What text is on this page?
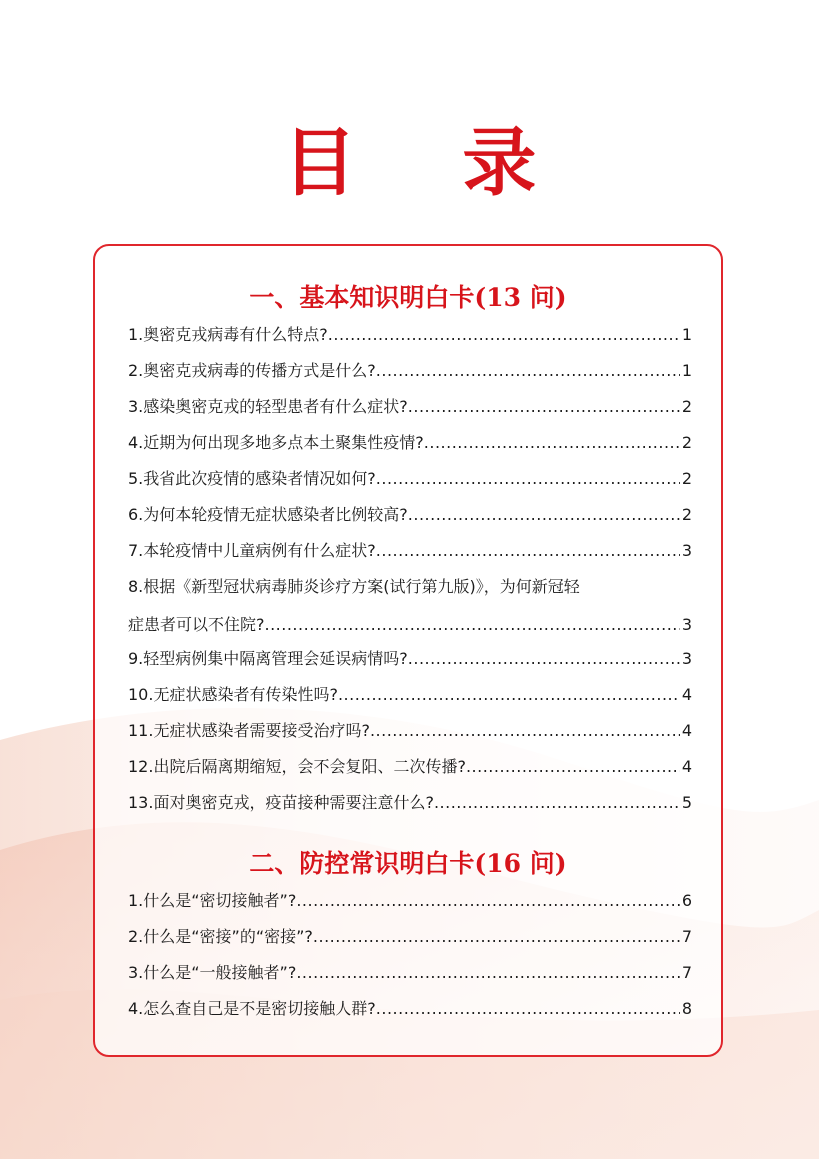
目 录
一、基本知识明白卡(13 问)
1.奥密克戎病毒有什么特点? .....	1
2.奥密克戎病毒的传播方式是什么? .....	1
3.感染奥密克戎的轻型患者有什么症状? .....	2
4.近期为何出现多地多点本土聚集性疫情? .....	2
5.我省此次疫情的感染者情况如何? .....	2
6.为何本轮疫情无症状感染者比例较高? .....	2
7.本轮疫情中儿童病例有什么症状? .....	3
8.根据《新型冠状病毒肺炎诊疗方案(试行第九版)》，为何新冠轻
症患者可以不住院? .....	3
9.轻型病例集中隔离管理会延误病情吗? .....	3
10.无症状感染者有传染性吗? .....	4
11.无症状感染者需要接受治疗吗? .....	4
12.出院后隔离期缩短，会不会复阳、二次传播? .....	4
13.面对奥密克戎，疫苗接种需要注意什么? .....	5
二、防控常识明白卡(16 问)
1.什么是“密切接触者”? .....	6
2.什么是“密接”的“密接”? .....	7
3.什么是“一般接触者”? .....	7
4.怎么查自己是不是密切接触人群? .....	8
